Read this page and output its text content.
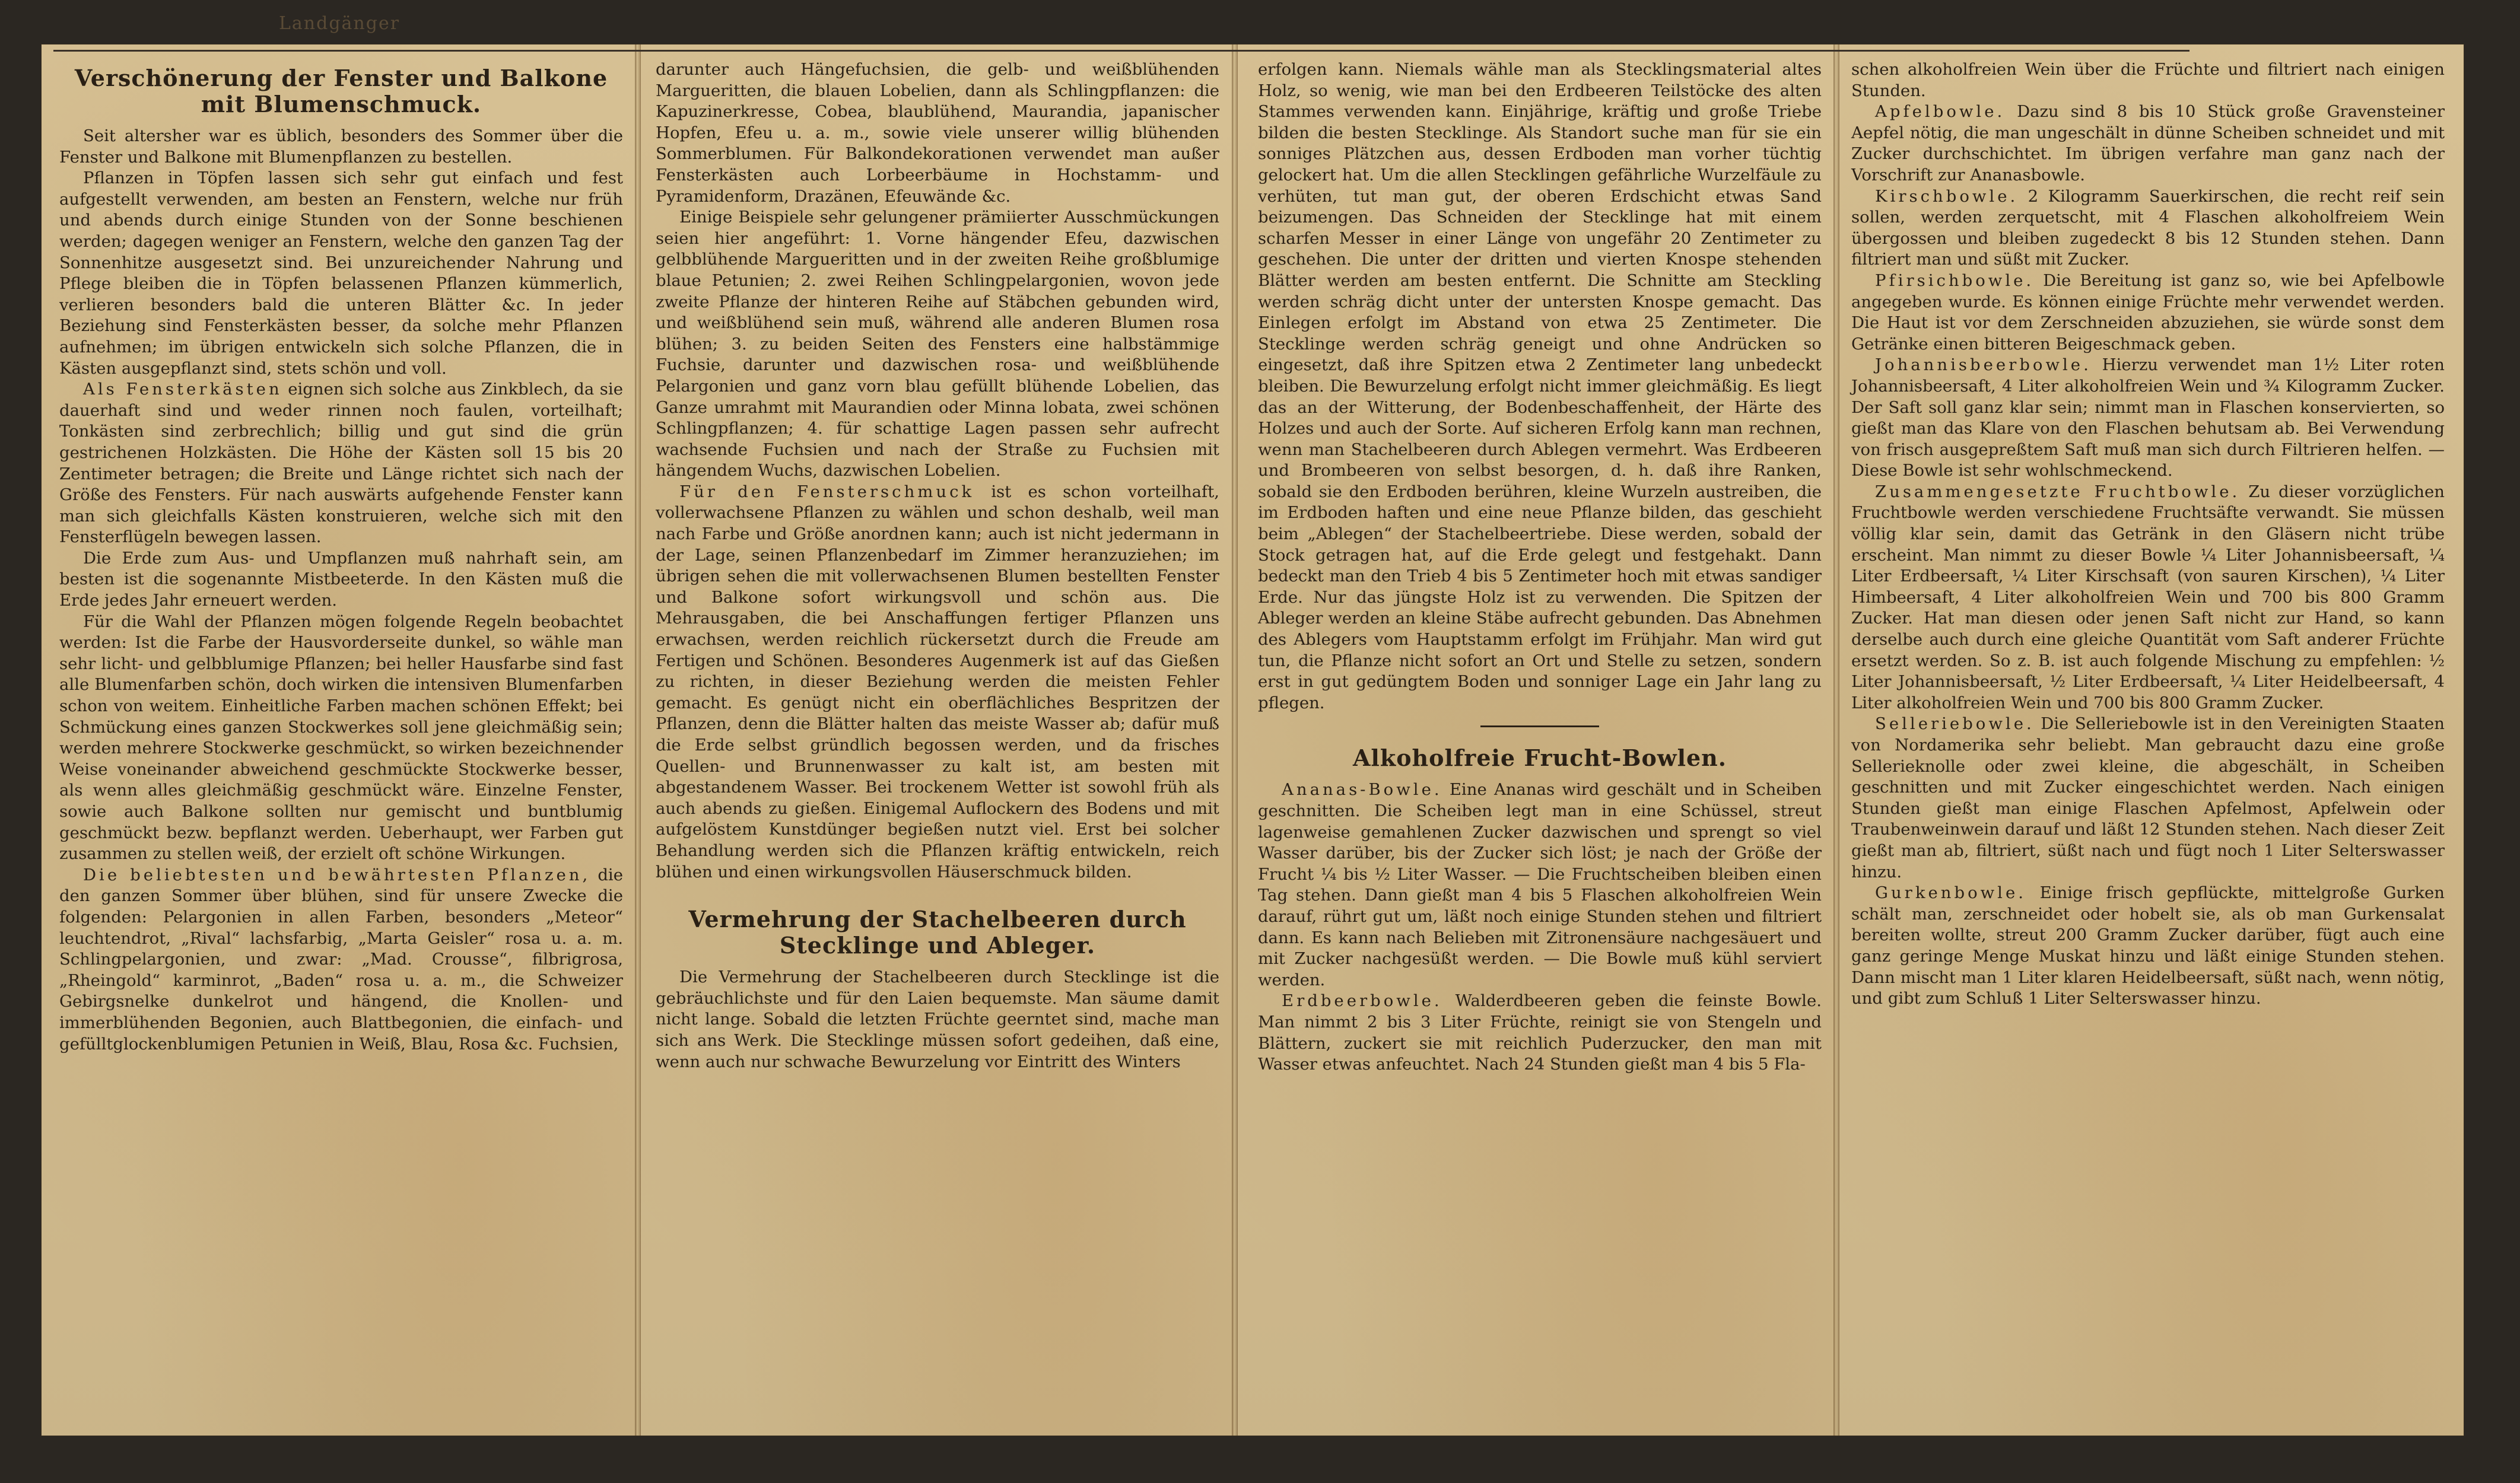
Landgänger
Verschönerung der Fenster und Balkone mit Blumenschmuck.

Seit altersher war es üblich, besonders des Sommer über die Fenster und Balkone mit Blumenpflanzen zu bestellen.

Pflanzen in Töpfen lassen sich sehr gut einfach und fest aufgestellt verwenden, am besten an Fenstern, welche nur früh und abends durch einige Stunden von der Sonne beschienen werden; dagegen weniger an Fenstern, welche den ganzen Tag der Sonnenhitze ausgesetzt sind. Bei unzureichender Nahrung und Pflege bleiben die in Töpfen belassenen Pflanzen kümmerlich, verlieren besonders bald die unteren Blätter &c. In jeder Beziehung sind Fensterkästen besser, da solche mehr Pflanzen aufnehmen; im übrigen entwickeln sich solche Pflanzen, die in Kästen ausgepflanzt sind, stets schön und voll.

Als Fensterkästen eignen sich solche aus Zinkblech, da sie dauerhaft sind und weder rinnen noch faulen, vorteilhaft; Tonkästen sind zerbrechlich; billig und gut sind die grün gestrichenen Holzkästen. Die Höhe der Kästen soll 15 bis 20 Zentimeter betragen; die Breite und Länge richtet sich nach der Größe des Fensters. Für nach auswärts aufgehende Fenster kann man sich gleichfalls Kästen konstruieren, welche sich mit den Fensterflügeln bewegen lassen.

Die Erde zum Aus- und Umpflanzen muß nahrhaft sein, am besten ist die sogenannte Mistbeeterde. In den Kästen muß die Erde jedes Jahr erneuert werden.

Für die Wahl der Pflanzen mögen folgende Regeln beobachtet werden: Ist die Farbe der Hausvorderseite dunkel, so wähle man sehr licht- und gelbblumige Pflanzen; bei heller Hausfarbe sind fast alle Blumenfarben schön, doch wirken die intensiven Blumenfarben schon von weitem. Einheitliche Farben machen schönen Effekt; bei Schmückung eines ganzen Stockwerkes soll jene gleichmäßig sein; werden mehrere Stockwerke geschmückt, so wirken bezeichnender Weise voneinander abweichend geschmückte Stockwerke besser, als wenn alles gleichmäßig geschmückt wäre. Einzelne Fenster, sowie auch Balkone sollten nur gemischt und buntblumig geschmückt bezw. bepflanzt werden. Ueberhaupt, wer Farben gut zusammen zu stellen weiß, der erzielt oft schöne Wirkungen.

Die beliebtesten und bewährtesten Pflanzen, die den ganzen Sommer über blühen, sind für unsere Zwecke die folgenden: Pelargonien in allen Farben, besonders „Meteor“ leuchtendrot, „Rival“ lachsfarbig, „Marta Geisler“ rosa u. a. m. Schlingpelargonien, und zwar: „Mad. Crousse“, filbrigrosa, „Rheingold“ karminrot, „Baden“ rosa u. a. m., die Schweizer Gebirgsnelke dunkelrot und hängend, die Knollen- und immerblühenden Begonien, auch Blattbegonien, die einfach- und gefülltglockenblumigen Petunien in Weiß, Blau, Rosa &c. Fuchsien,

darunter auch Hängefuchsien, die gelb- und weißblühenden Margueritten, die blauen Lobelien, dann als Schlingpflanzen: die Kapuzinerkresse, Cobea, blaublühend, Maurandia, japanischer Hopfen, Efeu u. a. m., sowie viele unserer willig blühenden Sommerblumen. Für Balkondekorationen verwendet man außer Fensterkästen auch Lorbeerbäume in Hochstamm- und Pyramidenform, Drazänen, Efeuwände &c.

Einige Beispiele sehr gelungener prämiierter Ausschmückungen seien hier angeführt: 1. Vorne hängender Efeu, dazwischen gelbblühende Margueritten und in der zweiten Reihe großblumige blaue Petunien; 2. zwei Reihen Schlingpelargonien, wovon jede zweite Pflanze der hinteren Reihe auf Stäbchen gebunden wird, und weißblühend sein muß, während alle anderen Blumen rosa blühen; 3. zu beiden Seiten des Fensters eine halbstämmige Fuchsie, darunter und dazwischen rosa- und weißblühende Pelargonien und ganz vorn blau gefüllt blühende Lobelien, das Ganze umrahmt mit Maurandien oder Minna lobata, zwei schönen Schlingpflanzen; 4. für schattige Lagen passen sehr aufrecht wachsende Fuchsien und nach der Straße zu Fuchsien mit hängendem Wuchs, dazwischen Lobelien.

Für den Fensterschmuck ist es schon vorteilhaft, vollerwachsene Pflanzen zu wählen und schon deshalb, weil man nach Farbe und Größe anordnen kann; auch ist nicht jedermann in der Lage, seinen Pflanzenbedarf im Zimmer heranzuziehen; im übrigen sehen die mit vollerwachsenen Blumen bestellten Fenster und Balkone sofort wirkungsvoll und schön aus. Die Mehrausgaben, die bei Anschaffungen fertiger Pflanzen uns erwachsen, werden reichlich rückersetzt durch die Freude am Fertigen und Schönen. Besonderes Augenmerk ist auf das Gießen zu richten, in dieser Beziehung werden die meisten Fehler gemacht. Es genügt nicht ein oberflächliches Bespritzen der Pflanzen, denn die Blätter halten das meiste Wasser ab; dafür muß die Erde selbst gründlich begossen werden, und da frisches Quellen- und Brunnenwasser zu kalt ist, am besten mit abgestandenem Wasser. Bei trockenem Wetter ist sowohl früh als auch abends zu gießen. Einigemal Auflockern des Bodens und mit aufgelöstem Kunstdünger begießen nutzt viel. Erst bei solcher Behandlung werden sich die Pflanzen kräftig entwickeln, reich blühen und einen wirkungsvollen Häuserschmuck bilden.

Vermehrung der Stachelbeeren durch Stecklinge und Ableger.

Die Vermehrung der Stachelbeeren durch Stecklinge ist die gebräuchlichste und für den Laien bequemste. Man säume damit nicht lange. Sobald die letzten Früchte geerntet sind, mache man sich ans Werk. Die Stecklinge müssen sofort gedeihen, daß eine, wenn auch nur schwache Bewurzelung vor Eintritt des Winters

erfolgen kann. Niemals wähle man als Stecklingsmaterial altes Holz, so wenig, wie man bei den Erdbeeren Teilstöcke des alten Stammes verwenden kann. Einjährige, kräftig und große Triebe bilden die besten Stecklinge. Als Standort suche man für sie ein sonniges Plätzchen aus, dessen Erdboden man vorher tüchtig gelockert hat. Um die allen Stecklingen gefährliche Wurzelfäule zu verhüten, tut man gut, der oberen Erdschicht etwas Sand beizumengen. Das Schneiden der Stecklinge hat mit einem scharfen Messer in einer Länge von ungefähr 20 Zentimeter zu geschehen. Die unter der dritten und vierten Knospe stehenden Blätter werden am besten entfernt. Die Schnitte am Steckling werden schräg dicht unter der untersten Knospe gemacht. Das Einlegen erfolgt im Abstand von etwa 25 Zentimeter. Die Stecklinge werden schräg geneigt und ohne Andrücken so eingesetzt, daß ihre Spitzen etwa 2 Zentimeter lang unbedeckt bleiben. Die Bewurzelung erfolgt nicht immer gleichmäßig. Es liegt das an der Witterung, der Bodenbeschaffenheit, der Härte des Holzes und auch der Sorte. Auf sicheren Erfolg kann man rechnen, wenn man Stachelbeeren durch Ablegen vermehrt. Was Erdbeeren und Brombeeren von selbst besorgen, d. h. daß ihre Ranken, sobald sie den Erdboden berühren, kleine Wurzeln austreiben, die im Erdboden haften und eine neue Pflanze bilden, das geschieht beim „Ablegen“ der Stachelbeertriebe. Diese werden, sobald der Stock getragen hat, auf die Erde gelegt und festgehakt. Dann bedeckt man den Trieb 4 bis 5 Zentimeter hoch mit etwas sandiger Erde. Nur das jüngste Holz ist zu verwenden. Die Spitzen der Ableger werden an kleine Stäbe aufrecht gebunden. Das Abnehmen des Ablegers vom Hauptstamm erfolgt im Frühjahr. Man wird gut tun, die Pflanze nicht sofort an Ort und Stelle zu setzen, sondern erst in gut gedüngtem Boden und sonniger Lage ein Jahr lang zu pflegen.

Alkoholfreie Frucht-Bowlen.

Ananas-Bowle. Eine Ananas wird geschält und in Scheiben geschnitten. Die Scheiben legt man in eine Schüssel, streut lagenweise gemahlenen Zucker dazwischen und sprengt so viel Wasser darüber, bis der Zucker sich löst; je nach der Größe der Frucht ¼ bis ½ Liter Wasser. — Die Fruchtscheiben bleiben einen Tag stehen. Dann gießt man 4 bis 5 Flaschen alkoholfreien Wein darauf, rührt gut um, läßt noch einige Stunden stehen und filtriert dann. Es kann nach Belieben mit Zitronensäure nachgesäuert und mit Zucker nachgesüßt werden. — Die Bowle muß kühl serviert werden.

Erdbeerbowle. Walderdbeeren geben die feinste Bowle. Man nimmt 2 bis 3 Liter Früchte, reinigt sie von Stengeln und Blättern, zuckert sie mit reichlich Puderzucker, den man mit Wasser etwas anfeuchtet. Nach 24 Stunden gießt man 4 bis 5 Fla-

schen alkoholfreien Wein über die Früchte und filtriert nach einigen Stunden.

Apfelbowle. Dazu sind 8 bis 10 Stück große Gravensteiner Aepfel nötig, die man ungeschält in dünne Scheiben schneidet und mit Zucker durchschichtet. Im übrigen verfahre man ganz nach der Vorschrift zur Ananasbowle.

Kirschbowle. 2 Kilogramm Sauerkirschen, die recht reif sein sollen, werden zerquetscht, mit 4 Flaschen alkoholfreiem Wein übergossen und bleiben zugedeckt 8 bis 12 Stunden stehen. Dann filtriert man und süßt mit Zucker.

Pfirsichbowle. Die Bereitung ist ganz so, wie bei Apfelbowle angegeben wurde. Es können einige Früchte mehr verwendet werden. Die Haut ist vor dem Zerschneiden abzuziehen, sie würde sonst dem Getränke einen bitteren Beigeschmack geben.

Johannisbeerbowle. Hierzu verwendet man 1½ Liter roten Johannisbeersaft, 4 Liter alkoholfreien Wein und ¾ Kilogramm Zucker. Der Saft soll ganz klar sein; nimmt man in Flaschen konservierten, so gießt man das Klare von den Flaschen behutsam ab. Bei Verwendung von frisch ausgepreßtem Saft muß man sich durch Filtrieren helfen. — Diese Bowle ist sehr wohlschmeckend.

Zusammengesetzte Fruchtbowle. Zu dieser vorzüglichen Fruchtbowle werden verschiedene Fruchtsäfte verwandt. Sie müssen völlig klar sein, damit das Getränk in den Gläsern nicht trübe erscheint. Man nimmt zu dieser Bowle ¼ Liter Johannisbeersaft, ¼ Liter Erdbeersaft, ¼ Liter Kirschsaft (von sauren Kirschen), ¼ Liter Himbeersaft, 4 Liter alkoholfreien Wein und 700 bis 800 Gramm Zucker. Hat man diesen oder jenen Saft nicht zur Hand, so kann derselbe auch durch eine gleiche Quantität vom Saft anderer Früchte ersetzt werden. So z. B. ist auch folgende Mischung zu empfehlen: ½ Liter Johannisbeersaft, ½ Liter Erdbeersaft, ¼ Liter Heidelbeersaft, 4 Liter alkoholfreien Wein und 700 bis 800 Gramm Zucker.

Selleriebowle. Die Selleriebowle ist in den Vereinigten Staaten von Nordamerika sehr beliebt. Man gebraucht dazu eine große Sellerieknolle oder zwei kleine, die abgeschält, in Scheiben geschnitten und mit Zucker eingeschichtet werden. Nach einigen Stunden gießt man einige Flaschen Apfelmost, Apfelwein oder Traubenweinwein darauf und läßt 12 Stunden stehen. Nach dieser Zeit gießt man ab, filtriert, süßt nach und fügt noch 1 Liter Selterswasser hinzu.

Gurkenbowle. Einige frisch gepflückte, mittelgroße Gurken schält man, zerschneidet oder hobelt sie, als ob man Gurkensalat bereiten wollte, streut 200 Gramm Zucker darüber, fügt auch eine ganz geringe Menge Muskat hinzu und läßt einige Stunden stehen. Dann mischt man 1 Liter klaren Heidelbeersaft, süßt nach, wenn nötig, und gibt zum Schluß 1 Liter Selterswasser hinzu.
